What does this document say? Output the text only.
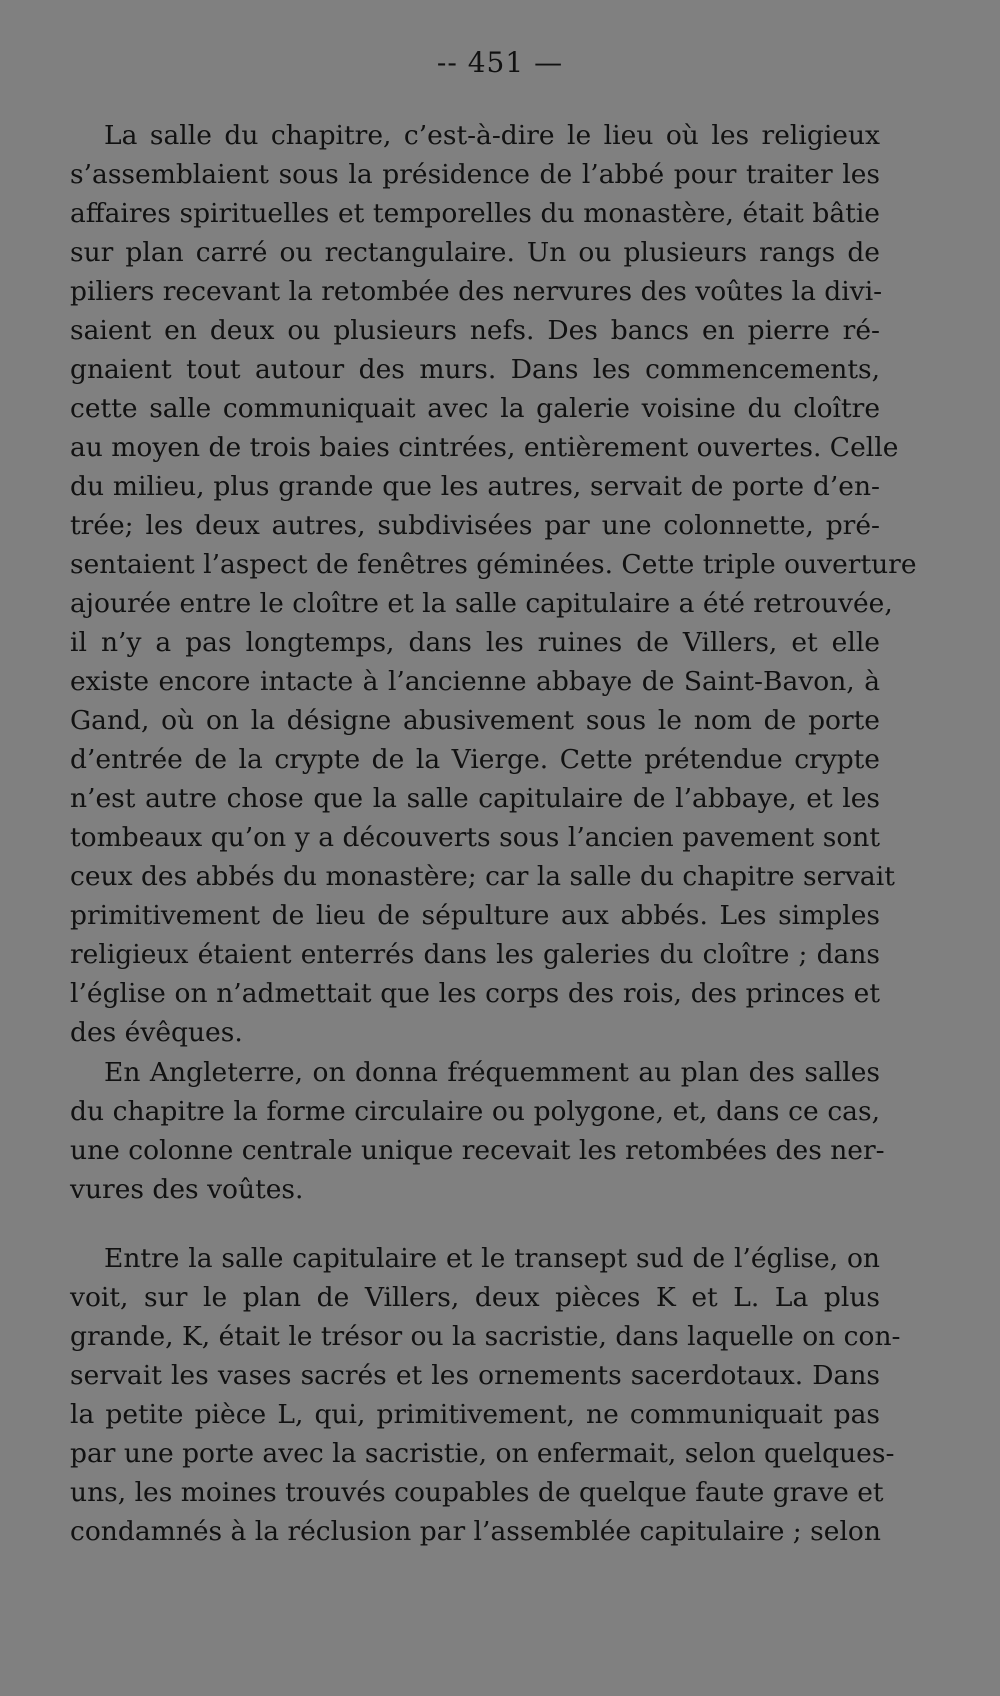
-- 451 —
La salle du chapitre, c’est-à-dire le lieu où les religieux
s’assemblaient sous la présidence de l’abbé pour traiter les
affaires spirituelles et temporelles du monastère, était bâtie
sur plan carré ou rectangulaire. Un ou plusieurs rangs de
piliers recevant la retombée des nervures des voûtes la divi-
saient en deux ou plusieurs nefs. Des bancs en pierre ré-
gnaient tout autour des murs. Dans les commencements,
cette salle communiquait avec la galerie voisine du cloître
au moyen de trois baies cintrées, entièrement ouvertes. Celle
du milieu, plus grande que les autres, servait de porte d’en-
trée; les deux autres, subdivisées par une colonnette, pré-
sentaient l’aspect de fenêtres géminées. Cette triple ouverture
ajourée entre le cloître et la salle capitulaire a été retrouvée,
il n’y a pas longtemps, dans les ruines de Villers, et elle
existe encore intacte à l’ancienne abbaye de Saint-Bavon, à
Gand, où on la désigne abusivement sous le nom de porte
d’entrée de la crypte de la Vierge. Cette prétendue crypte
n’est autre chose que la salle capitulaire de l’abbaye, et les
tombeaux qu’on y a découverts sous l’ancien pavement sont
ceux des abbés du monastère; car la salle du chapitre servait
primitivement de lieu de sépulture aux abbés. Les simples
religieux étaient enterrés dans les galeries du cloître ; dans
l’église on n’admettait que les corps des rois, des princes et
des évêques.
En Angleterre, on donna fréquemment au plan des salles
du chapitre la forme circulaire ou polygone, et, dans ce cas,
une colonne centrale unique recevait les retombées des ner-
vures des voûtes.
Entre la salle capitulaire et le transept sud de l’église, on
voit, sur le plan de Villers, deux pièces K et L. La plus
grande, K, était le trésor ou la sacristie, dans laquelle on con-
servait les vases sacrés et les ornements sacerdotaux. Dans
la petite pièce L, qui, primitivement, ne communiquait pas
par une porte avec la sacristie, on enfermait, selon quelques-
uns, les moines trouvés coupables de quelque faute grave et
condamnés à la réclusion par l’assemblée capitulaire ; selon
